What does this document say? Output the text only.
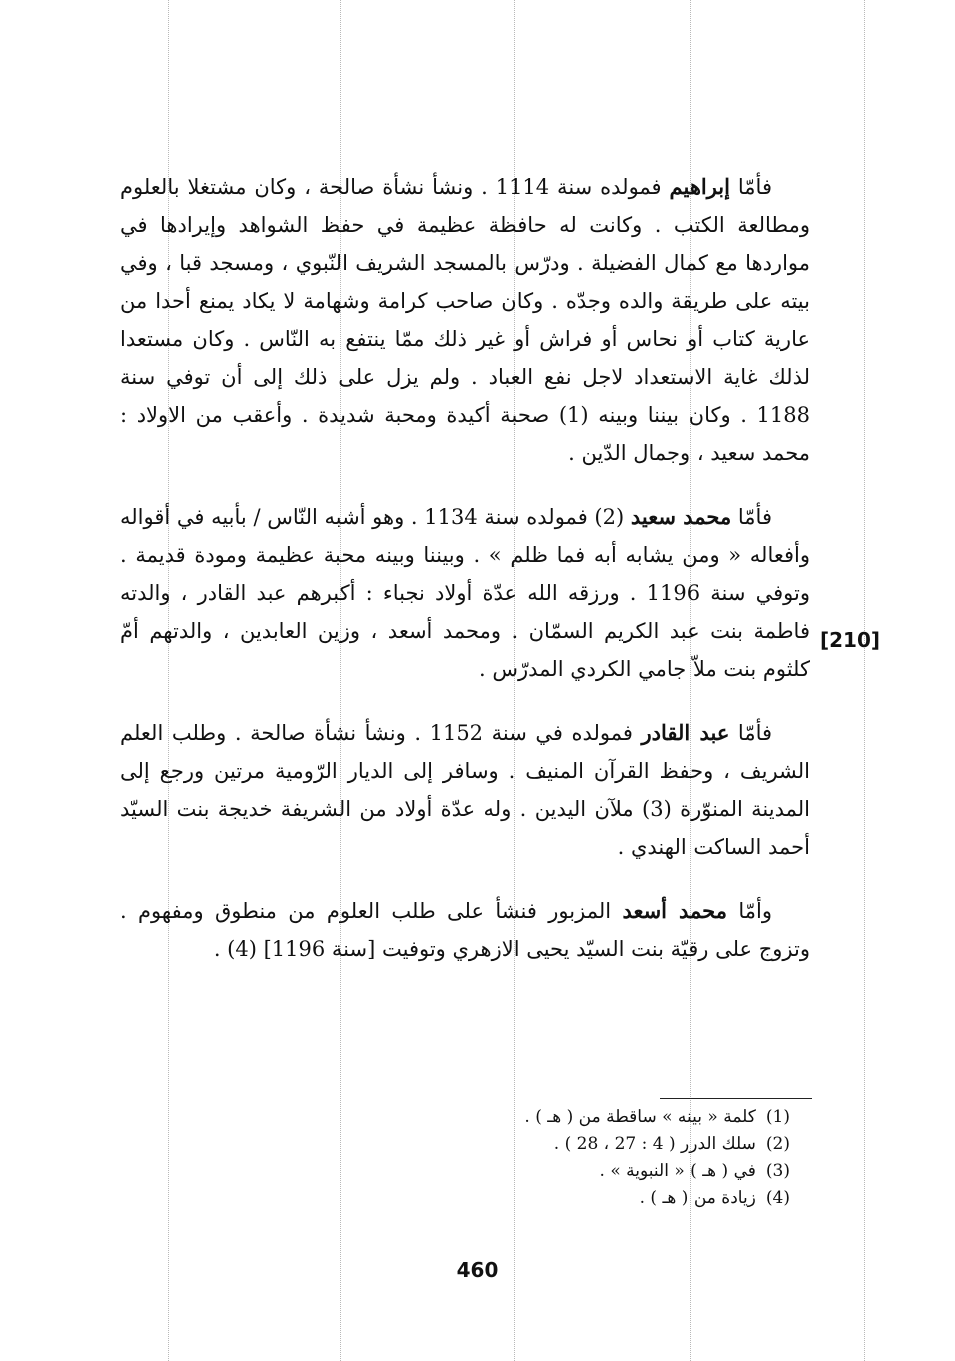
فأمّا إبراهيم فمولده سنة 1114 . ونشأ نشأة صالحة ، وكان مشتغلا بالعلوم ومطالعة الكتب . وكانت له حافظة عظيمة في حفظ الشواهد وإيرادها في مواردها مع كمال الفضيلة . ودرّس بالمسجد الشريف النّبوي ، ومسجد قبا ، وفي بيته على طريقة والده وجدّه . وكان صاحب كرامة وشهامة لا يكاد يمنع أحدا من عارية كتاب أو نحاس أو فراش أو غير ذلك ممّا ينتفع به النّاس . وكان مستعدا لذلك غاية الاستعداد لاجل نفع العباد . ولم يزل على ذلك إلى أن توفي سنة 1188 . وكان بيننا وبينه (1) صحبة أكيدة ومحبة شديدة . وأعقب من الاولاد : محمد سعيد ، وجمال الدّين .

فأمّا محمد سعيد (2) فمولده سنة 1134 . وهو أشبه النّاس / بأبيه في أقواله وأفعاله « ومن يشابه أبه فما ظلم » . وبيننا وبينه محبة عظيمة ومودة قديمة . وتوفي سنة 1196 . ورزقه الله عدّة أولاد نجباء : أكبرهم عبد القادر ، والدته فاطمة بنت عبد الكريم السمّان . ومحمد أسعد ، وزين العابدين ، والدتهم أمّ كلثوم بنت ملاّ جامي الكردي المدرّس .

فأمّا عبد القادر فمولده في سنة 1152 . ونشأ نشأة صالحة . وطلب العلم الشريف ، وحفظ القرآن المنيف . وسافر إلى الديار الرّومية مرتين ورجع إلى المدينة المنوّرة (3) ملآن اليدين . وله عدّة أولاد من الشريفة خديجة بنت السيّد أحمد الساكت الهندي .

وأمّا محمد أسعد المزبور فنشأ على طلب العلوم من منطوق ومفهوم . وتزوج على رقيّة بنت السيّد يحيى الازهري وتوفيت [سنة 1196] (4) .

[210]
(1)كلمة « بينه » ساقطة من ( هـ ) .
(2)سلك الدرر ( 4 : 27 ، 28 ) .
(3)في ( هـ ) « النبوية » .
(4)زيادة من ( هـ ) .
460
